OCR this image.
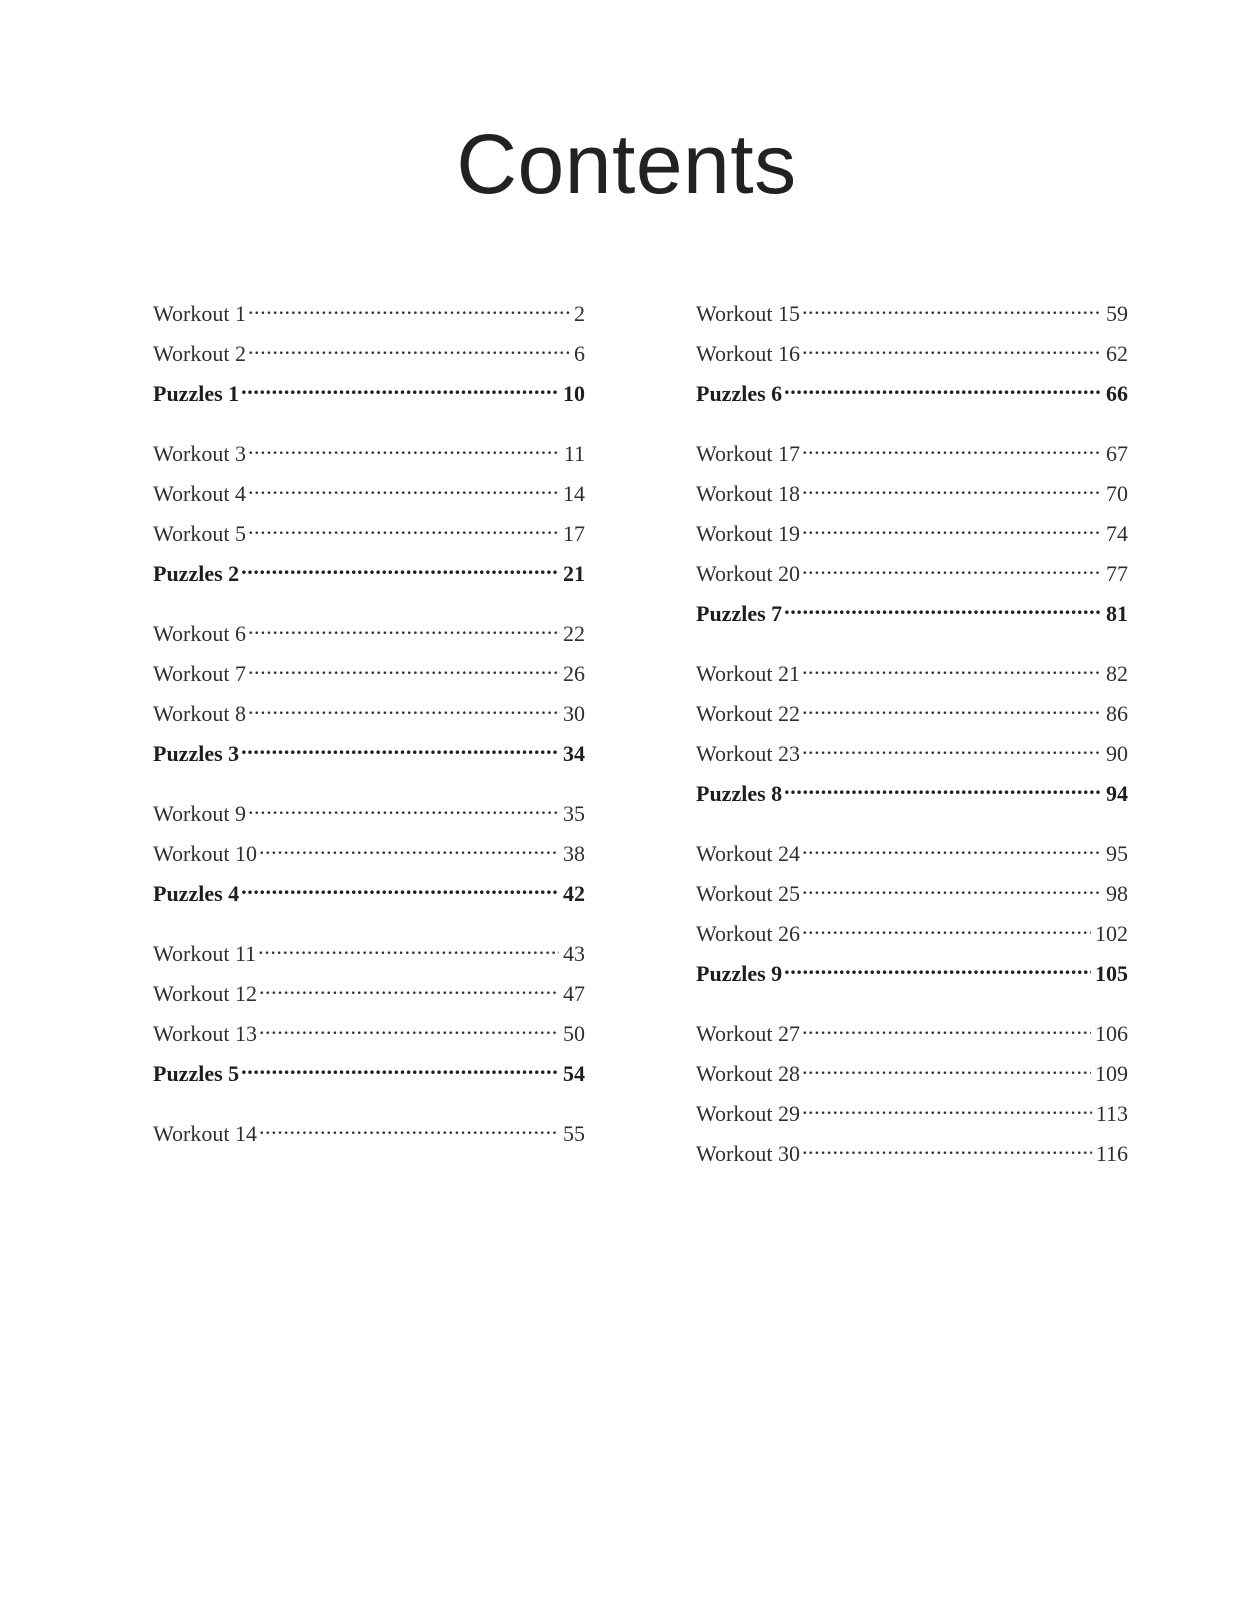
Contents
Workout 1 .....	2
Workout 2 .....	6
Puzzles 1 .....	10
Workout 3 .....	11
Workout 4 .....	14
Workout 5 .....	17
Puzzles 2 .....	21
Workout 6 .....	22
Workout 7 .....	26
Workout 8 .....	30
Puzzles 3 .....	34
Workout 9 .....	35
Workout 10 .....	38
Puzzles 4 .....	42
Workout 11 .....	43
Workout 12 .....	47
Workout 13 .....	50
Puzzles 5 .....	54
Workout 14 .....	55
Workout 15 .....	59
Workout 16 .....	62
Puzzles 6 .....	66
Workout 17 .....	67
Workout 18 .....	70
Workout 19 .....	74
Workout 20 .....	77
Puzzles 7 .....	81
Workout 21 .....	82
Workout 22 .....	86
Workout 23 .....	90
Puzzles 8 .....	94
Workout 24 .....	95
Workout 25 .....	98
Workout 26 .....	102
Puzzles 9 .....	105
Workout 27 .....	106
Workout 28 .....	109
Workout 29 .....	113
Workout 30 .....	116
